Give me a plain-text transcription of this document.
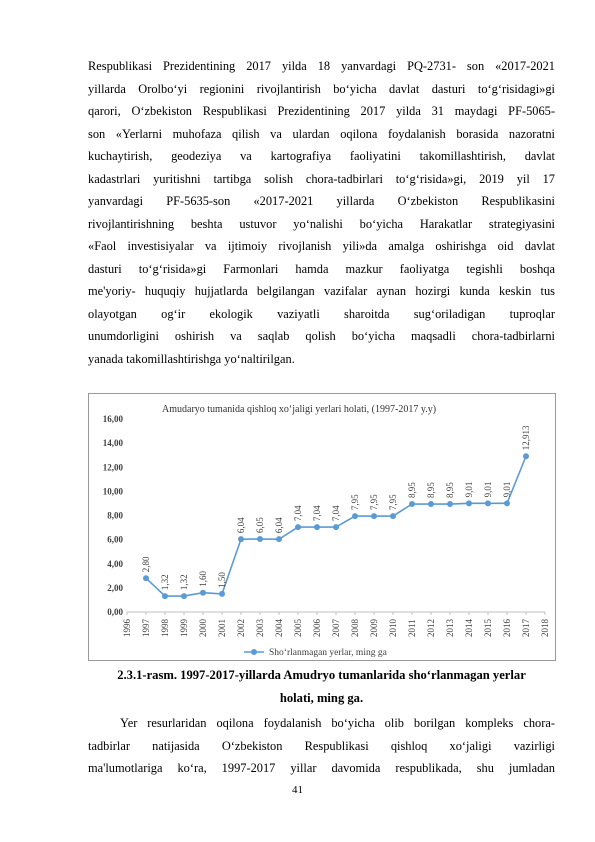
Respublikasi Prezidentining 2017 yilda 18 yanvardagi PQ-2731- son «2017-2021
yillarda Orolbo‘yi regionini rivojlantirish bo‘yicha davlat dasturi to‘g‘risidagi»gi
qarori, O‘zbekiston Respublikasi Prezidentining 2017 yilda 31 maydagi PF-5065-
son «Yerlarni muhofaza qilish va ulardan oqilona foydalanish borasida nazoratni
kuchaytirish, geodeziya va kartografiya faoliyatini takomillashtirish, davlat
kadastrlari yuritishni tartibga solish chora-tadbirlari to‘g‘risida»gi, 2019 yil 17
yanvardagi PF-5635-son «2017-2021 yillarda O‘zbekiston Respublikasini
rivojlantirishning beshta ustuvor yo‘nalishi bo‘yicha Harakatlar strategiyasini
«Faol investisiyalar va ijtimoiy rivojlanish yili»da amalga oshirishga oid davlat
dasturi to‘g‘risida»gi Farmonlari hamda mazkur faoliyatga tegishli boshqa
me'yoriy- huquqiy hujjatlarda belgilangan vazifalar aynan hozirgi kunda keskin tus
olayotgan og‘ir ekologik vaziyatli sharoitda sug‘oriladigan tuproqlar
unumdorligini oshirish va saqlab qolish bo‘yicha maqsadli chora-tadbirlarni
yanada takomillashtirishga yo‘naltirilgan.
Amudaryo tumanida qishloq xo‘jaligi yerlari holati, (1997-2017 y.y)
0,00
2,00
4,00
6,00
8,00
10,00
12,00
14,00
16,00
1996 1997 1998 1999 2000 2001 2002 2003 2004 2005 2006 2007 2008 2009 2010 2011 2012 2013 2014 2015 2016 2017 2018
2,80
1,32 1,32 1,60 1,50
6,04 6,05 6,04
7,04 7,04 7,04
7,95 7,95 7,95
8,95 8,95 8,95 9,01 9,01 9,01
12,913
Sho‘rlanmagan yerlar, ming ga
2.3.1-rasm. 1997-2017-yillarda Amudryo tumanlarida sho‘rlanmagan yerlar
holati, ming ga.
Yer resurlaridan oqilona foydalanish bo‘yicha olib borilgan kompleks chora-
tadbirlar natijasida O‘zbekiston Respublikasi qishloq xo‘jaligi vazirligi
ma'lumotlariga ko‘ra, 1997-2017 yillar davomida respublikada, shu jumladan
41
